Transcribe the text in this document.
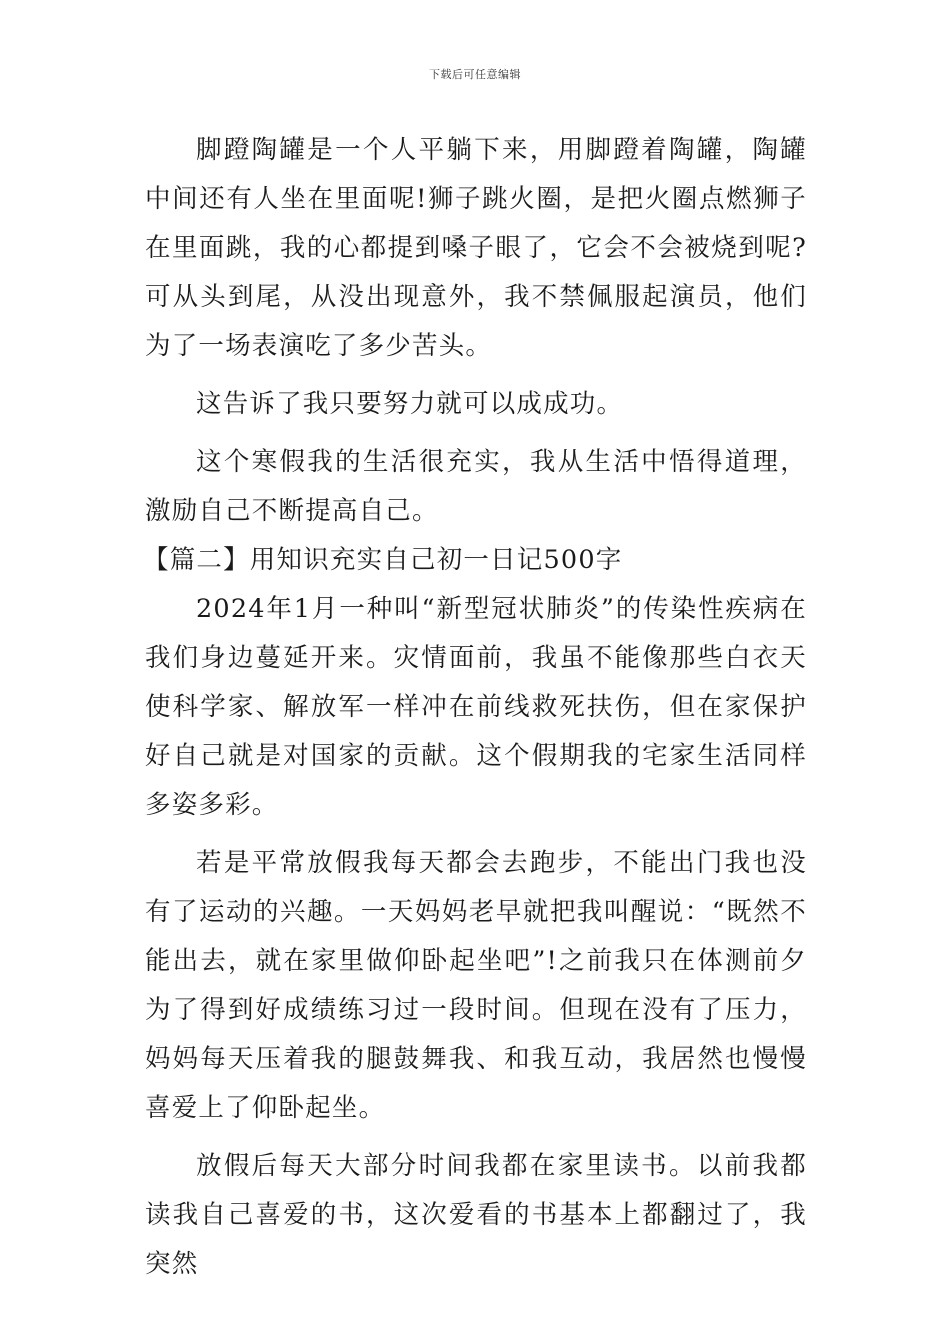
下载后可任意编辑

脚蹬陶罐是一个人平躺下来，用脚蹬着陶罐，陶罐中间还有人坐在里面呢!狮子跳火圈，是把火圈点燃狮子在里面跳，我的心都提到嗓子眼了，它会不会被烧到呢?可从头到尾，从没出现意外，我不禁佩服起演员，他们为了一场表演吃了多少苦头。

这告诉了我只要努力就可以成成功。

这个寒假我的生活很充实，我从生活中悟得道理，激励自己不断提高自己。

【篇二】用知识充实自己初一日记500字

2024年1月一种叫“新型冠状肺炎”的传染性疾病在我们身边蔓延开来。灾情面前，我虽不能像那些白衣天使科学家、解放军一样冲在前线救死扶伤，但在家保护好自己就是对国家的贡献。这个假期我的宅家生活同样多姿多彩。

若是平常放假我每天都会去跑步，不能出门我也没有了运动的兴趣。一天妈妈老早就把我叫醒说：“既然不能出去，就在家里做仰卧起坐吧”!之前我只在体测前夕为了得到好成绩练习过一段时间。但现在没有了压力，妈妈每天压着我的腿鼓舞我、和我互动，我居然也慢慢喜爱上了仰卧起坐。

放假后每天大部分时间我都在家里读书。以前我都读我自己喜爱的书，这次爱看的书基本上都翻过了，我突然
